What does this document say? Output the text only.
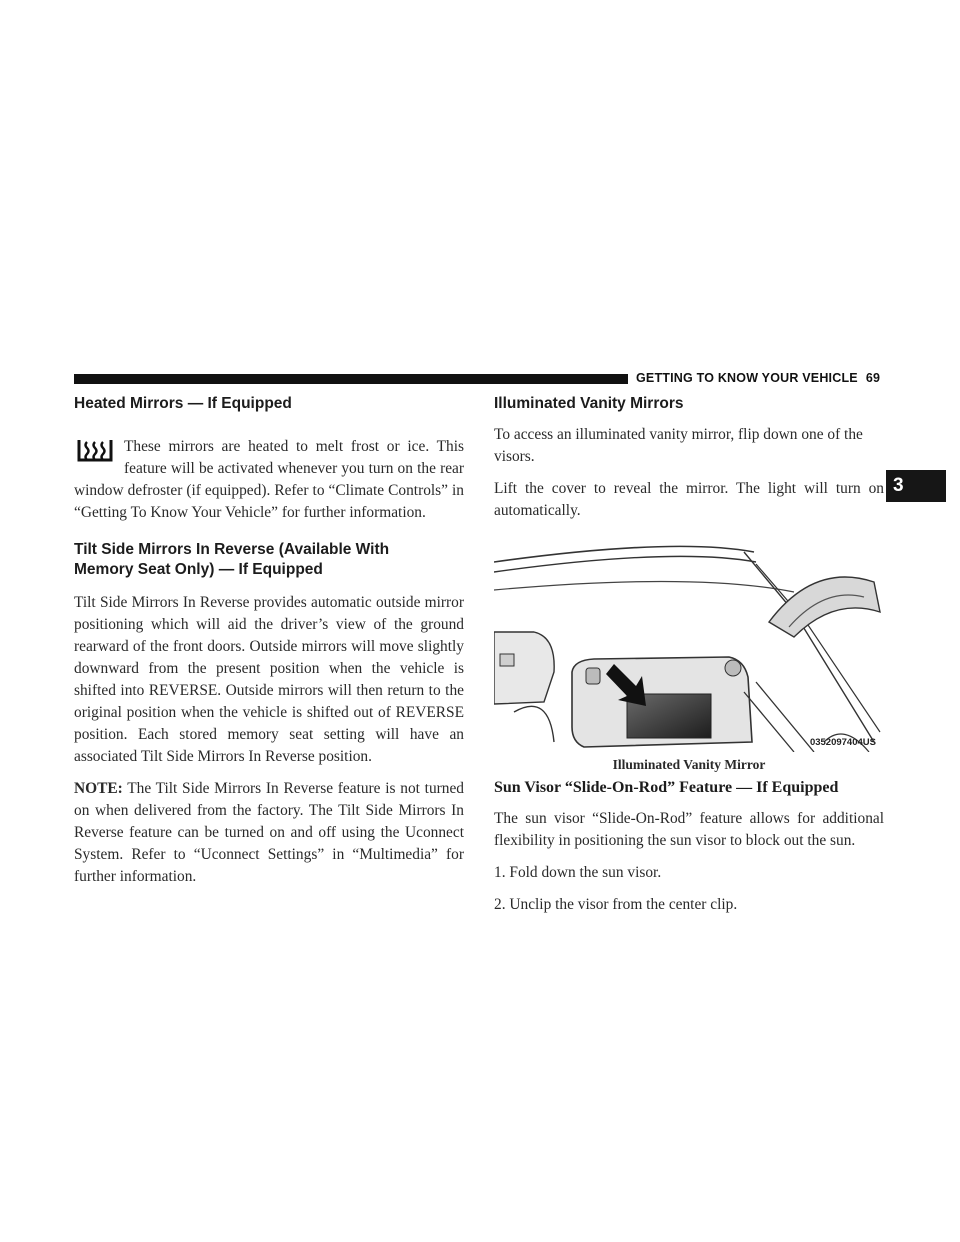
GETTING TO KNOW YOUR VEHICLE 69
3
Heated Mirrors — If Equipped

These mirrors are heated to melt frost or ice. This feature will be activated whenever you turn on the rear window defroster (if equipped). Refer to “Climate Controls” in “Getting To Know Your Vehicle” for further information.

Tilt Side Mirrors In Reverse (Available With
Memory Seat Only) — If Equipped

Tilt Side Mirrors In Reverse provides automatic outside mirror positioning which will aid the driver’s view of the ground rearward of the front doors. Outside mirrors will move slightly downward from the present position when the vehicle is shifted into REVERSE. Outside mirrors will then return to the original position when the vehicle is shifted out of REVERSE position. Each stored memory seat setting will have an associated Tilt Side Mirrors In Reverse position.

NOTE: The Tilt Side Mirrors In Reverse feature is not turned on when delivered from the factory. The Tilt Side Mirrors In Reverse feature can be turned on and off using the Uconnect System. Refer to “Uconnect Settings” in “Multimedia” for further information.

Illuminated Vanity Mirrors

To access an illuminated vanity mirror, flip down one of the visors.

Lift the cover to reveal the mirror. The light will turn on automatically.

0352097404US
Illuminated Vanity Mirror
Sun Visor “Slide-On-Rod” Feature — If Equipped

The sun visor “Slide-On-Rod” feature allows for additional flexibility in positioning the sun visor to block out the sun.

1. Fold down the sun visor.

2. Unclip the visor from the center clip.
